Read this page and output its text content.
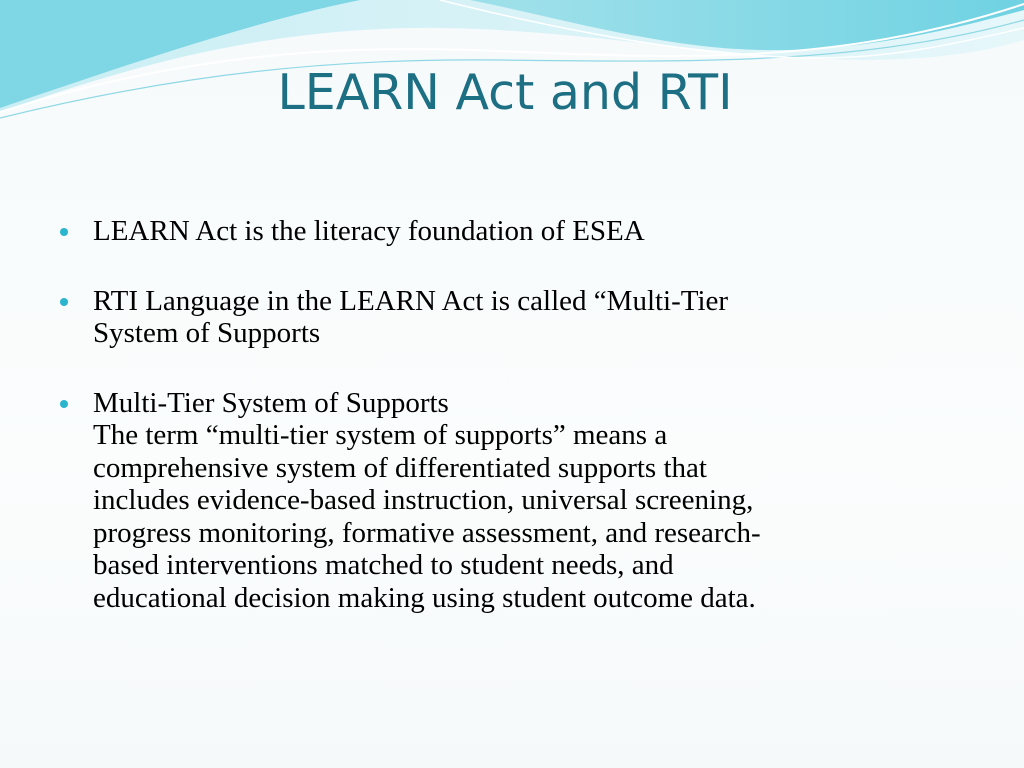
LEARN Act and RTI
LEARN Act is the literacy foundation of ESEA
RTI Language in the LEARN Act is called “Multi-Tier
System of Supports
Multi-Tier System of Supports
The term “multi-tier system of supports” means a
comprehensive system of differentiated supports that
includes evidence-based instruction, universal screening,
progress monitoring, formative assessment, and research-
based interventions matched to student needs, and
educational decision making using student outcome data.
